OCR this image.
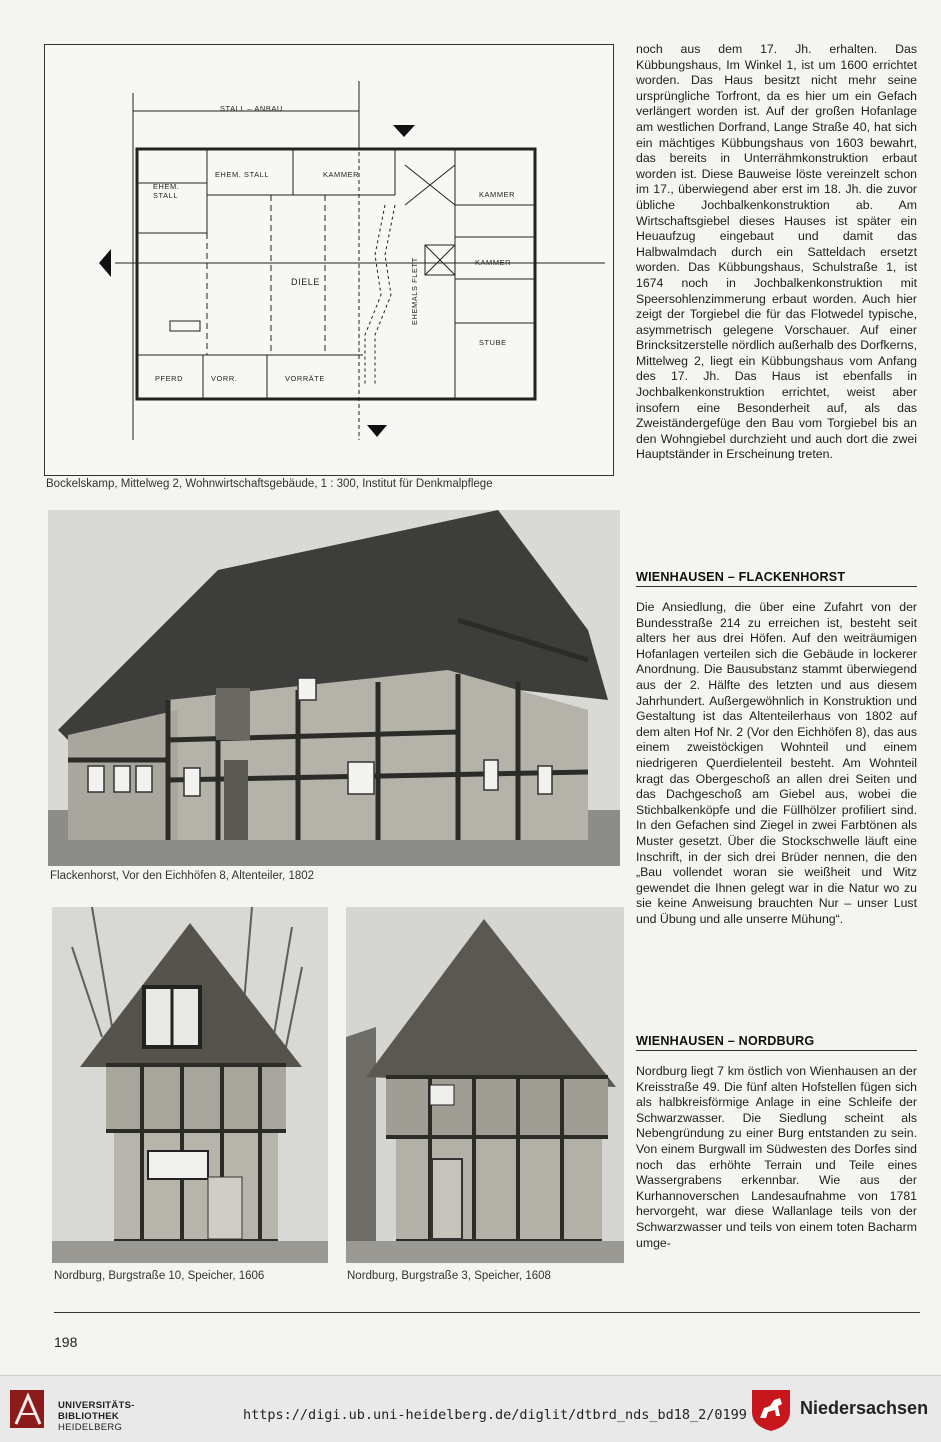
STALL – ANBAU
EHEM.
STALL
EHEM. STALL	KAMMER
KAMMER
KAMMER
DIELE	EHEMALS FLETT
STUBE
PFERD	VORR.	VORRÄTE
Bockelskamp, Mittelweg 2, Wohnwirtschaftsgebäude, 1 : 300, Institut für Denkmalpflege
Flackenhorst, Vor den Eichhöfen 8, Altenteiler, 1802
Nordburg, Burgstraße 10, Speicher, 1606	Nordburg, Burgstraße 3, Speicher, 1608

noch aus dem 17. Jh. erhalten. Das Kübbungshaus, Im Winkel 1, ist um 1600 errichtet worden. Das Haus besitzt nicht mehr seine ursprüngliche Torfront, da es hier um ein Gefach verlängert worden ist. Auf der großen Hofanlage am westlichen Dorfrand, Lange Straße 40, hat sich ein mächtiges Kübbungshaus von 1603 bewahrt, das bereits in Unterrähmkonstruktion erbaut worden ist. Diese Bauweise löste vereinzelt schon im 17., überwiegend aber erst im 18. Jh. die zuvor übliche Jochbalkenkonstruktion ab. Am Wirtschaftsgiebel dieses Hauses ist später ein Heuaufzug eingebaut und damit das Halbwalmdach durch ein Satteldach ersetzt worden. Das Kübbungshaus, Schulstraße 1, ist 1674 noch in Jochbalkenkonstruktion mit Speersohlenzimmerung erbaut worden. Auch hier zeigt der Torgiebel die für das Flotwedel typische, asymmetrisch gelegene Vorschauer. Auf einer Brincksitzerstelle nördlich außerhalb des Dorfkerns, Mittelweg 2, liegt ein Kübbungshaus vom Anfang des 17. Jh. Das Haus ist ebenfalls in Jochbalkenkonstruktion errichtet, weist aber insofern eine Besonderheit auf, als das Zweiständergefüge den Bau vom Torgiebel bis an den Wohngiebel durchzieht und auch dort die zwei Hauptständer in Erscheinung treten.

WIENHAUSEN – FLACKENHORST

Die Ansiedlung, die über eine Zufahrt von der Bundesstraße 214 zu erreichen ist, besteht seit alters her aus drei Höfen. Auf den weiträumigen Hofanlagen verteilen sich die Gebäude in lockerer Anordnung. Die Bausubstanz stammt überwiegend aus der 2. Hälfte des letzten und aus diesem Jahrhundert. Außergewöhnlich in Konstruktion und Gestaltung ist das Altenteilerhaus von 1802 auf dem alten Hof Nr. 2 (Vor den Eichhöfen 8), das aus einem zweistöckigen Wohnteil und einem niedrigeren Querdielenteil besteht. Am Wohnteil kragt das Obergeschoß an allen drei Seiten und das Dachgeschoß am Giebel aus, wobei die Stichbalkenköpfe und die Füllhölzer profiliert sind. In den Gefachen sind Ziegel in zwei Farbtönen als Muster gesetzt. Über die Stockschwelle läuft eine Inschrift, in der sich drei Brüder nennen, die den „Bau vollendet woran sie weißheit und Witz gewendet die Ihnen gelegt war in die Natur wo zu sie keine Anweisung brauchten Nur – unser Lust und Übung und alle unserre Mühung“.

WIENHAUSEN – NORDBURG

Nordburg liegt 7 km östlich von Wienhausen an der Kreisstraße 49. Die fünf alten Hofstellen fügen sich als halbkreisförmige Anlage in eine Schleife der Schwarzwasser. Die Siedlung scheint als Nebengründung zu einer Burg entstanden zu sein. Von einem Burgwall im Südwesten des Dorfes sind noch das erhöhte Terrain und Teile eines Wassergrabens erkennbar. Wie aus der Kurhannoverschen Landesaufnahme von 1781 hervorgeht, war diese Wallanlage teils von der Schwarzwasser und teils von einem toten Bacharm umge-

198
UNIVERSITÄTS-
BIBLIOTHEK
HEIDELBERG
https://digi.ub.uni-heidelberg.de/diglit/dtbrd_nds_bd18_2/0199	Niedersachsen
